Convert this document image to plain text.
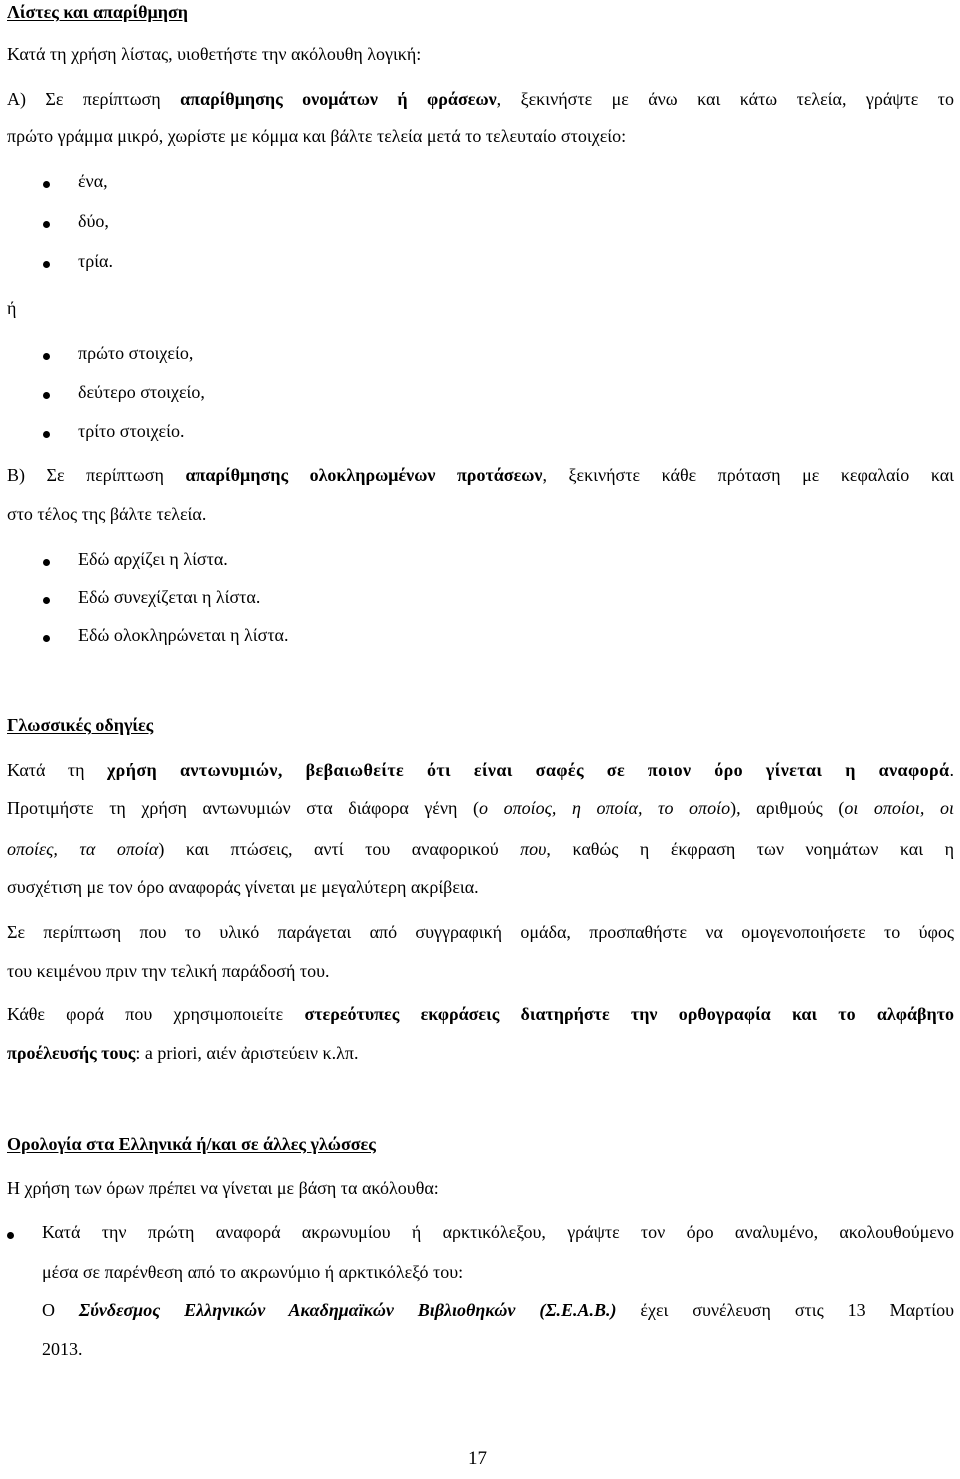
Λίστες και απαρίθμηση

Κατά τη χρήση λίστας, υιοθετήστε την ακόλουθη λογική:

Α) Σε περίπτωση απαρίθμησης ονομάτων ή φράσεων, ξεκινήστε με άνω και κάτω τελεία, γράψτε το

πρώτο γράμμα μικρό, χωρίστε με κόμμα και βάλτε τελεία μετά το τελευταίο στοιχείο:

ένα,

δύο,

τρία.

ή

πρώτο στοιχείο,

δεύτερο στοιχείο,

τρίτο στοιχείο.

Β) Σε περίπτωση απαρίθμησης ολοκληρωμένων προτάσεων, ξεκινήστε κάθε πρόταση με κεφαλαίο και

στο τέλος της βάλτε τελεία.

Εδώ αρχίζει η λίστα.

Εδώ συνεχίζεται η λίστα.

Εδώ ολοκληρώνεται η λίστα.

Γλωσσικές οδηγίες

Κατά τη χρήση αντωνυμιών, βεβαιωθείτε ότι είναι σαφές σε ποιον όρο γίνεται η αναφορά.

Προτιμήστε τη χρήση αντωνυμιών στα διάφορα γένη (ο οποίος, η οποία, το οποίο), αριθμούς (οι οποίοι, οι

οποίες, τα οποία) και πτώσεις, αντί του αναφορικού που, καθώς η έκφραση των νοημάτων και η

συσχέτιση με τον όρο αναφοράς γίνεται με μεγαλύτερη ακρίβεια.

Σε περίπτωση που το υλικό παράγεται από συγγραφική ομάδα, προσπαθήστε να ομογενοποιήσετε το ύφος

του κειμένου πριν την τελική παράδοσή του.

Κάθε φορά που χρησιμοποιείτε στερεότυπες εκφράσεις διατηρήστε την ορθογραφία και το αλφάβητο

προέλευσής τους: a priori, αιέν ἀριστεύειν κ.λπ.

Ορολογία στα Ελληνικά ή/και σε άλλες γλώσσες

Η χρήση των όρων πρέπει να γίνεται με βάση τα ακόλουθα:

Κατά την πρώτη αναφορά ακρωνυμίου ή αρκτικόλεξου, γράψτε τον όρο αναλυμένο, ακολουθούμενο

μέσα σε παρένθεση από το ακρωνύμιο ή αρκτικόλεξό του:

Ο Σύνδεσμος Ελληνικών Ακαδημαϊκών Βιβλιοθηκών (Σ.Ε.Α.Β.) έχει συνέλευση στις 13 Μαρτίου

2013.

17
